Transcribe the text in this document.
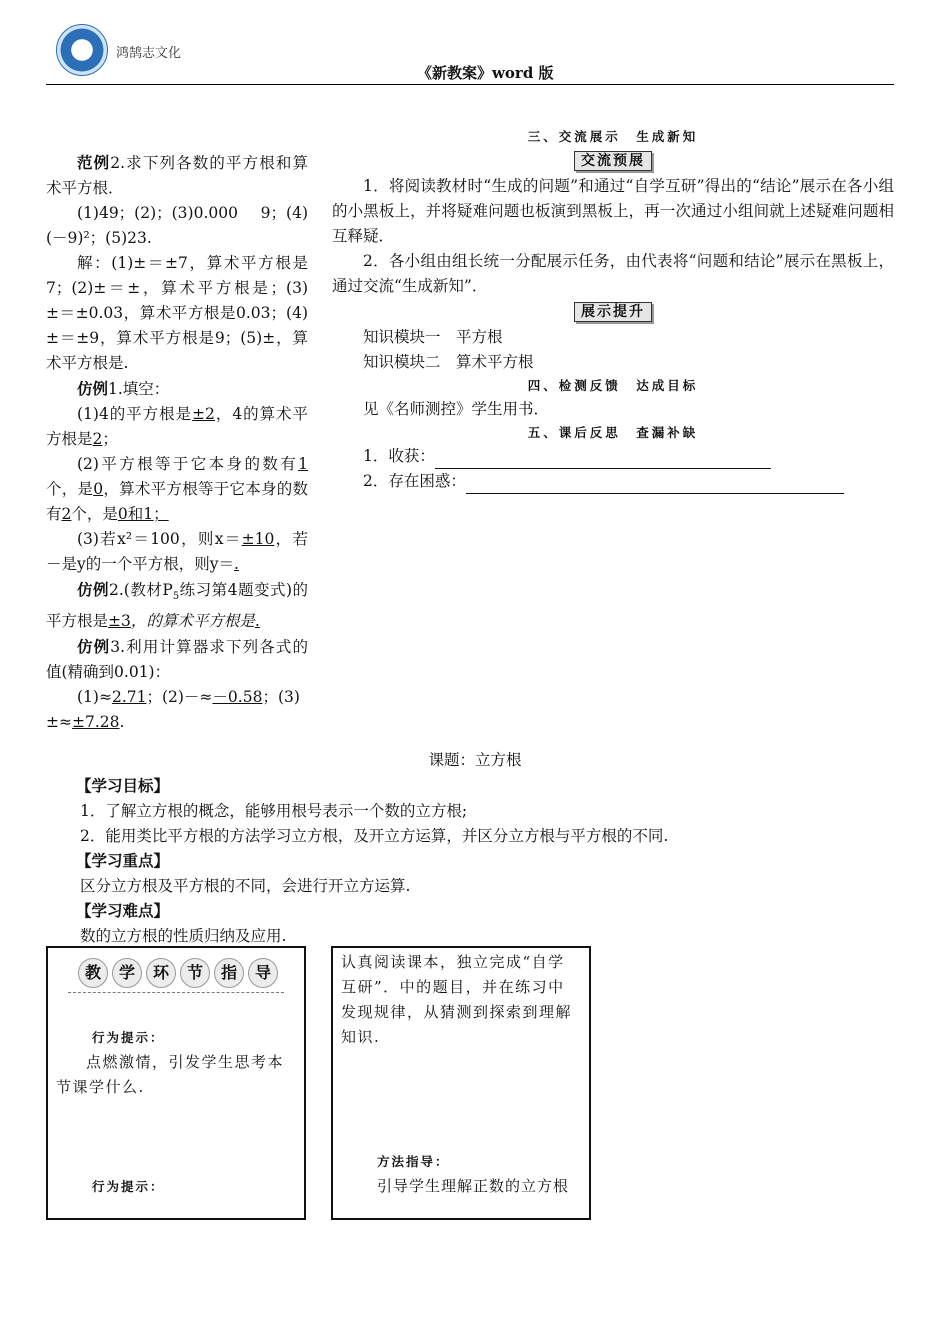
鸿鹄志文化
《新教案》word 版

范例2.求下列各数的平方根和算术平方根．

(1)49；(2)；(3)0.000 9；(4)(－9)²；(5)23.

解：(1)±＝±7，算术平方根是7；(2)±＝±，算术平方根是；(3)±＝±0.03，算术平方根是0.03；(4)±＝±9，算术平方根是9；(5)±，算术平方根是.

仿例1.填空：

(1)4的平方根是±2，4的算术平方根是2；

(2)平方根等于它本身的数有1个，是0，算术平方根等于它本身的数有2个，是0和1；

(3)若x²＝100，则x＝±10，若－是y的一个平方根，则y＝.

仿例2.(教材$P_5$练习第4题变式)的平方根是±3，的算术平方根是.

仿例3.利用计算器求下列各式的值(精确到0.01)：

(1)≈2.71；(2)－≈－0.58；(3)±≈±7.28.

三、交流展示　生成新知

交流预展

1．将阅读教材时“生成的问题”和通过“自学互研”得出的“结论”展示在各小组的小黑板上，并将疑难问题也板演到黑板上，再一次通过小组间就上述疑难问题相互释疑．

2．各小组由组长统一分配展示任务，由代表将“问题和结论”展示在黑板上，通过交流“生成新知”．

展示提升

知识模块一　平方根

知识模块二　算术平方根

四、检测反馈　达成目标

见《名师测控》学生用书．

五、课后反思　查漏补缺

1．收获：

2．存在困惑：

课题：立方根
【学习目标】
1．了解立方根的概念，能够用根号表示一个数的立方根;
2．能用类比平方根的方法学习立方根，及开立方运算，并区分立方根与平方根的不同.
【学习重点】
区分立方根及平方根的不同，会进行开立方运算.
【学习难点】
数的立方根的性质归纳及应用.
教	学	环	节	指	导
行为提示：
点燃激情，引发学生思考本节课学什么.
行为提示：
认真阅读课本，独立完成“自学互研”．中的题目，并在练习中发现规律，从猜测到探索到理解知识.
方法指导：
引导学生理解正数的立方根
